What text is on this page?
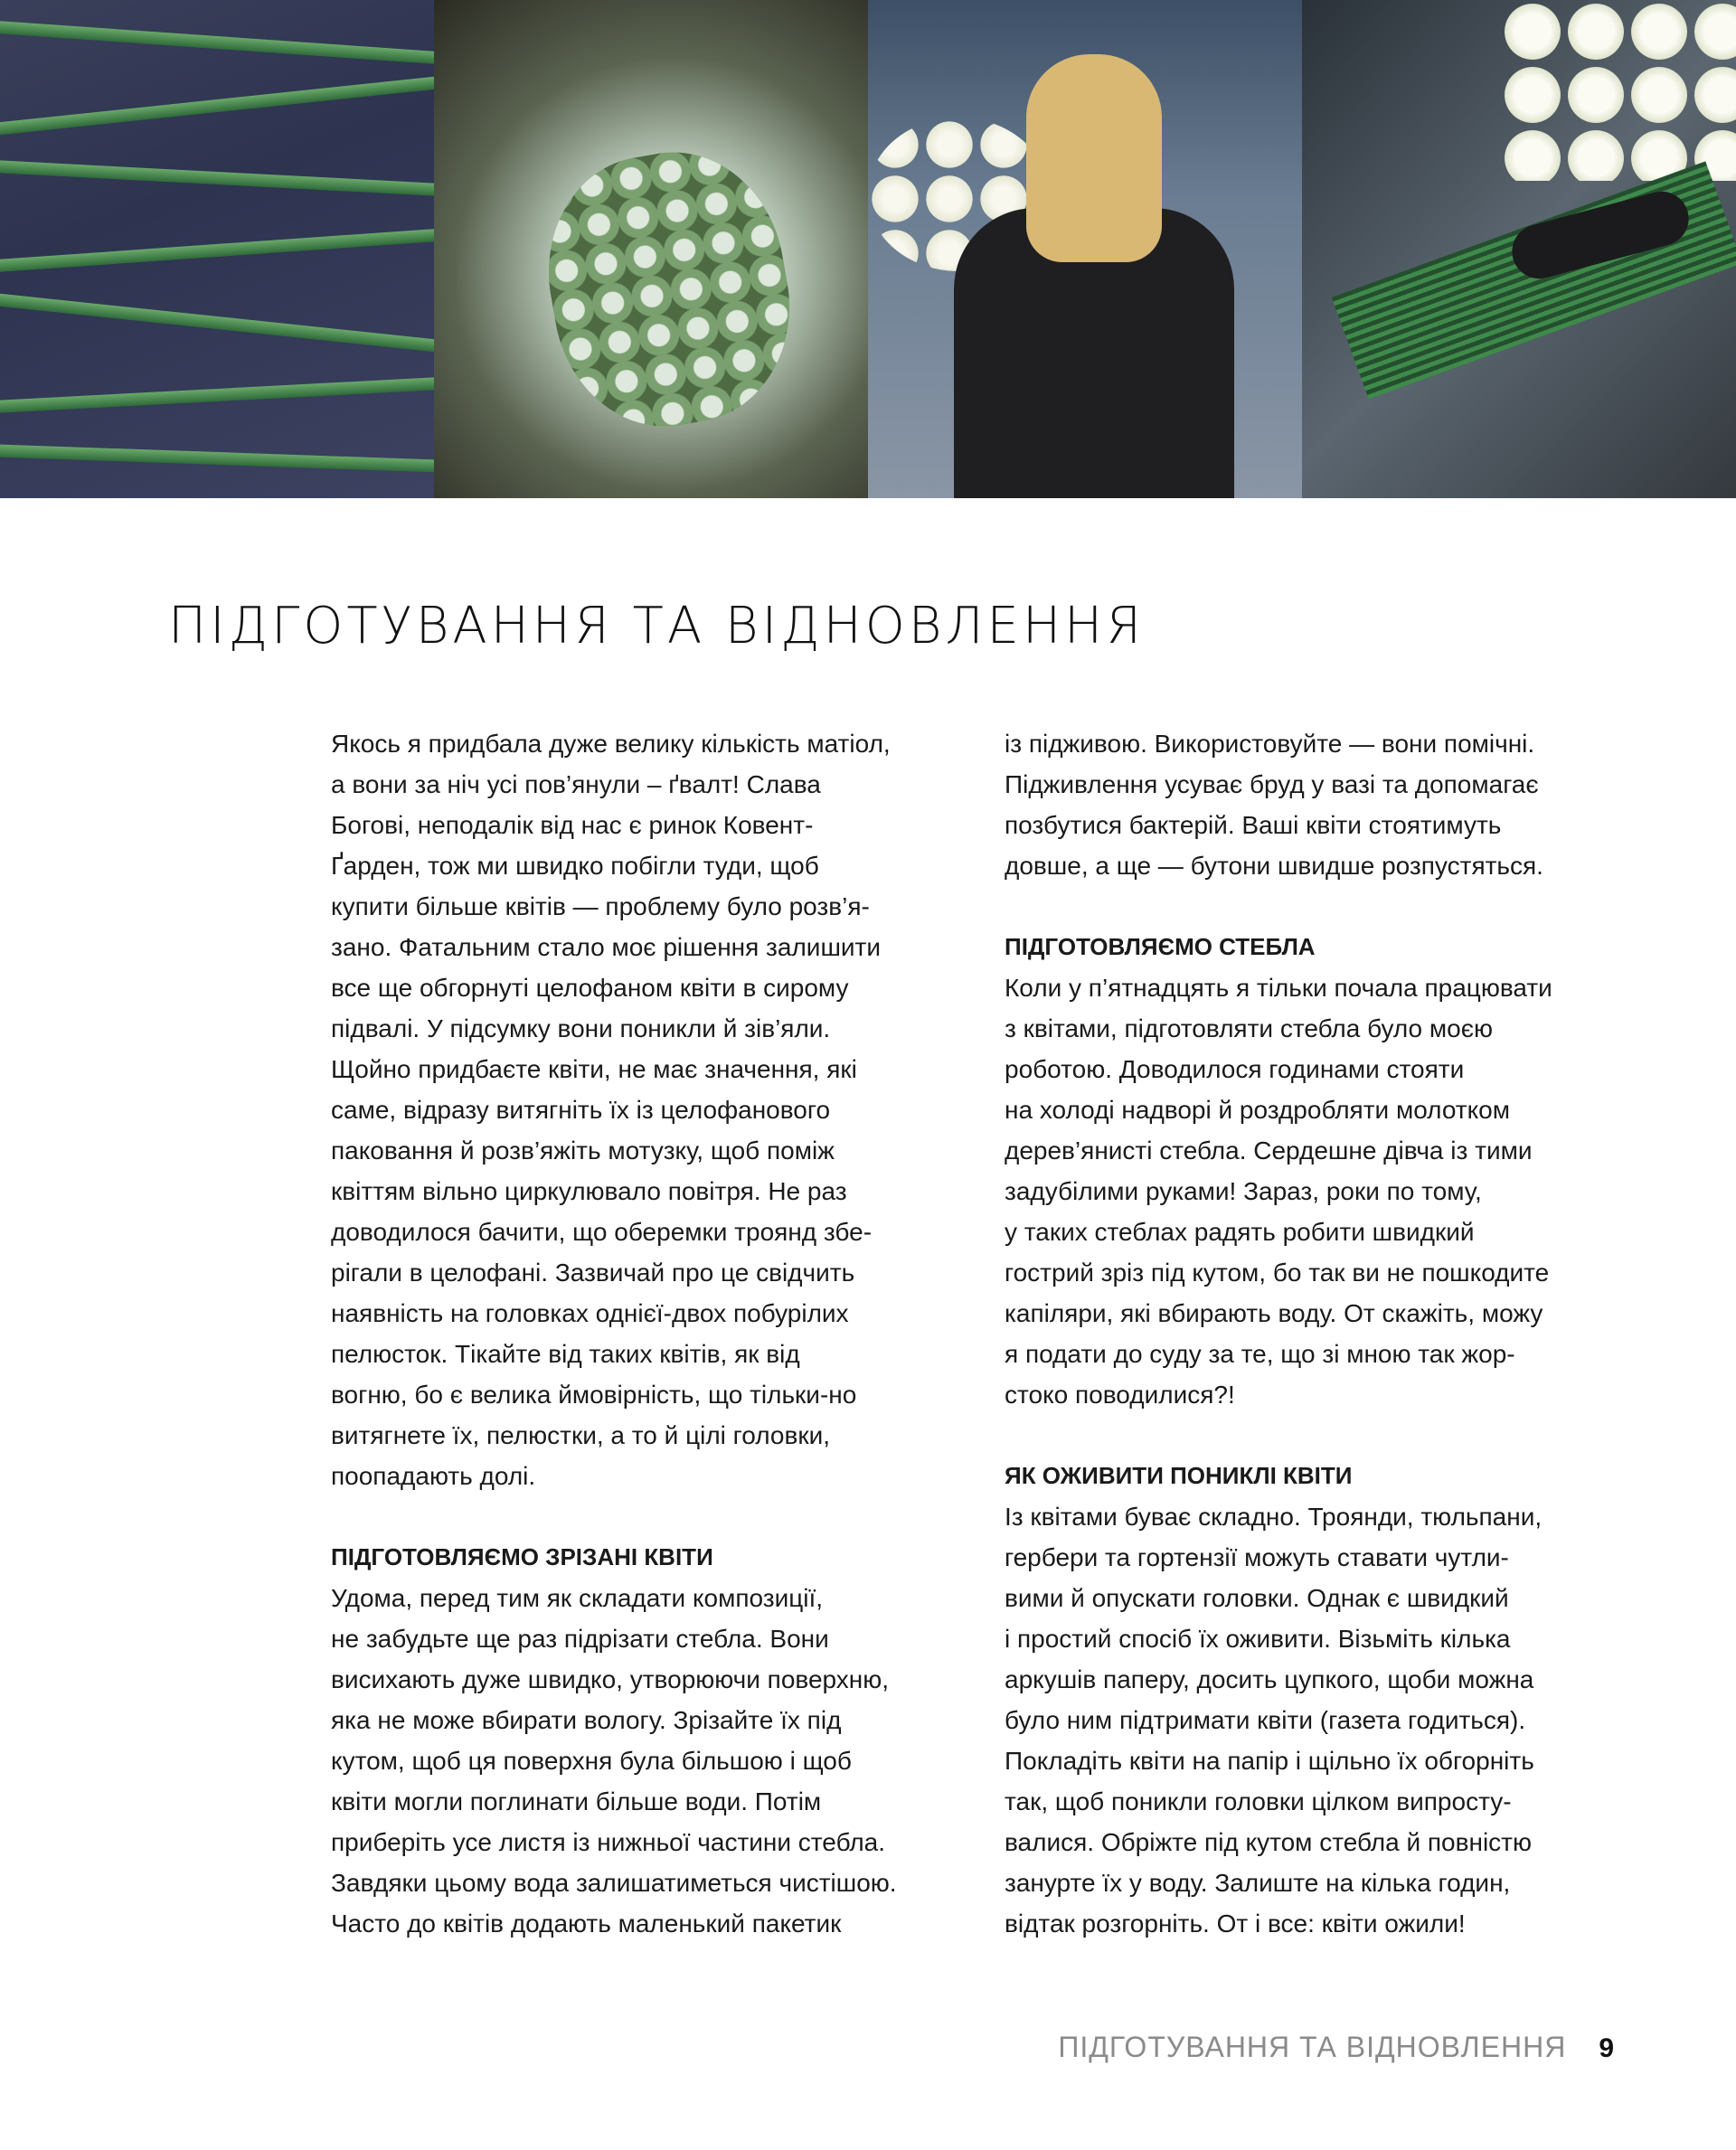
ПІДГОТУВАННЯ ТА ВІДНОВЛЕННЯ
Якось я придбала дуже велику кількість матіол,
а вони за ніч усі пов’янули – ґвалт! Слава
Богові, неподалік від нас є ринок Ковент-
Ґарден, тож ми швидко побігли туди, щоб
купити більше квітів — проблему було розв’я-
зано. Фатальним стало моє рішення залишити
все ще обгорнуті целофаном квіти в сирому
підвалі. У підсумку вони поникли й зів’яли.
Щойно придбаєте квіти, не має значення, які
саме, відразу витягніть їх із целофанового
паковання й розв’яжіть мотузку, щоб поміж
квіттям вільно циркулювало повітря. Не раз
доводилося бачити, що оберемки троянд збе-
рігали в целофані. Зазвичай про це свідчить
наявність на головках однієї-двох побурілих
пелюсток. Тікайте від таких квітів, як від
вогню, бо є велика ймовірність, що тільки-но
витягнете їх, пелюстки, а то й цілі головки,
поопадають долі.
ПІДГОТОВЛЯЄМО ЗРІЗАНІ КВІТИ
Удома, перед тим як складати композиції,
не забудьте ще раз підрізати стебла. Вони
висихають дуже швидко, утворюючи поверхню,
яка не може вбирати вологу. Зрізайте їх під
кутом, щоб ця поверхня була більшою і щоб
квіти могли поглинати більше води. Потім
приберіть усе листя із нижньої частини стебла.
Завдяки цьому вода залишатиметься чистішою.
Часто до квітів додають маленький пакетик
із підживою. Використовуйте — вони помічні.
Підживлення усуває бруд у вазі та допомагає
позбутися бактерій. Ваші квіти стоятимуть
довше, а ще — бутони швидше розпустяться.
ПІДГОТОВЛЯЄМО СТЕБЛА
Коли у п’ятнадцять я тільки почала працювати
з квітами, підготовляти стебла було моєю
роботою. Доводилося годинами стояти
на холоді надворі й роздробляти молотком
дерев’янисті стебла. Сердешне дівча із тими
задубілими руками! Зараз, роки по тому,
у таких стеблах радять робити швидкий
гострий зріз під кутом, бо так ви не пошкодите
капіляри, які вбирають воду. От скажіть, можу
я подати до суду за те, що зі мною так жор-
стоко поводилися?!
ЯК ОЖИВИТИ ПОНИКЛІ КВІТИ
Із квітами буває складно. Троянди, тюльпани,
гербери та гортензії можуть ставати чутли-
вими й опускати головки. Однак є швидкий
і простий спосіб їх оживити. Візьміть кілька
аркушів паперу, досить цупкого, щоби можна
було ним підтримати квіти (газета годиться).
Покладіть квіти на папір і щільно їх обгорніть
так, щоб поникли головки цілком випросту-
валися. Обріжте під кутом стебла й повністю
занурте їх у воду. Залиште на кілька годин,
відтак розгорніть. От і все: квіти ожили!
ПІДГОТУВАННЯ ТА ВІДНОВЛЕННЯ 9
